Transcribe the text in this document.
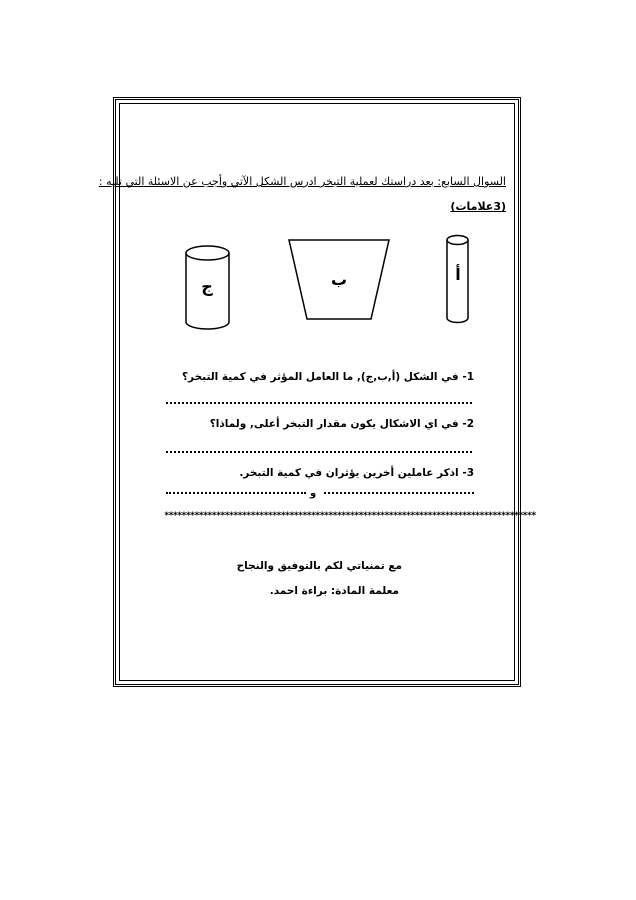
السوال السابع: بعد دراستك لعملية التبخر ادرس الشكل الآتي وأجب عن الاسئلة التي تليه :
(3علامات)
ج	ب	أ
1- في الشكل (أ,ب,ج), ما العامل المؤثر في كمية التبخر؟
2- في اي الاشكال يكون مقدار التبخر أعلى, ولماذا؟
3- اذكر عاملين أخرين يؤثران في كمية التبخر.
و
**************************************************************************************
مع تمنياتي لكم بالتوفيق والنجاح
معلمة المادة: براءة احمد.
